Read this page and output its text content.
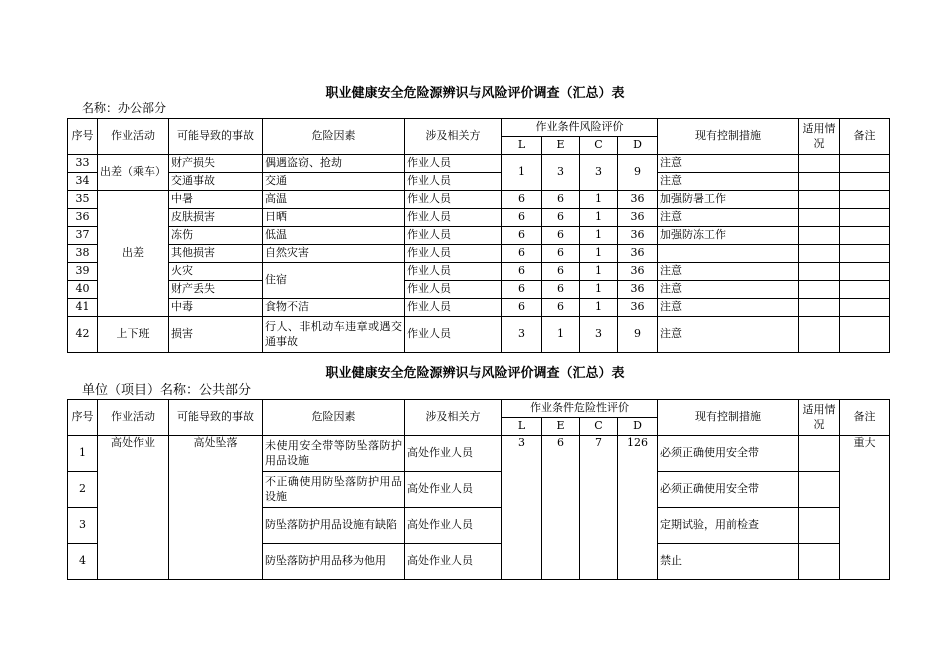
职业健康安全危险源辨识与风险评价调查（汇总）表
名称：办公部分
序号	作业活动	可能导致的事故	危险因素	涉及相关方	作业条件风险评价				现有控制措施	适用情况	备注
					L	E	C	D			
33	出差（乘车）	财产损失	偶遇盗窃、抢劫	作业人员	1	3	3	9	注意		
34		交通事故	交通	作业人员					注意		
35	出差	中暑	高温	作业人员	6	6	1	36	加强防暑工作		
36		皮肤损害	日晒	作业人员	6	6	1	36	注意		
37		冻伤	低温	作业人员	6	6	1	36	加强防冻工作		
38		其他损害	自然灾害	作业人员	6	6	1	36			
39		火灾	住宿	作业人员	6	6	1	36	注意		
40		财产丢失		作业人员	6	6	1	36	注意		
41		中毒	食物不洁	作业人员	6	6	1	36	注意		
42	上下班	损害	行人、非机动车违章或遇交通事故	作业人员	3	1	3	9	注意		
职业健康安全危险源辨识与风险评价调查（汇总）表
单位（项目）名称：公共部分
序号	作业活动	可能导致的事故	危险因素	涉及相关方	作业条件危险性评价				现有控制措施	适用情况	备注
					L	E	C	D			
1	高处作业	高处坠落	未使用安全带等防坠落防护用品设施	高处作业人员	3	6	7	126	必须正确使用安全带		重大
2			不正确使用防坠落防护用品设施	高处作业人员					必须正确使用安全带		
3			防坠落防护用品设施有缺陷	高处作业人员					定期试验，用前检查		
4			防坠落防护用品移为他用	高处作业人员					禁止		
